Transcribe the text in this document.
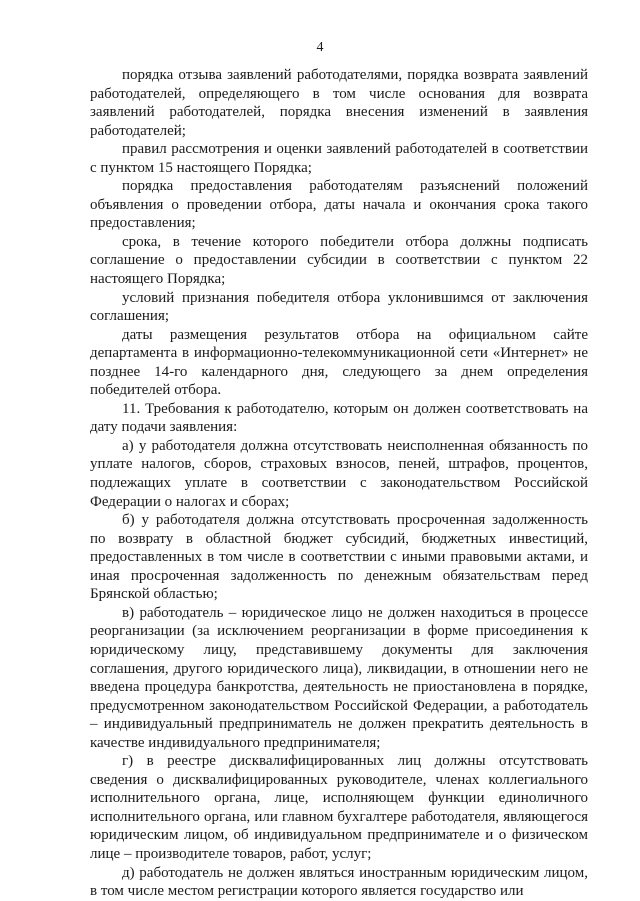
4

порядка отзыва заявлений работодателями, порядка возврата заявлений работодателей, определяющего в том числе основания для возврата заявлений работодателей, порядка внесения изменений в заявления работодателей;

правил рассмотрения и оценки заявлений работодателей в соответствии с пунктом 15 настоящего Порядка;

порядка предоставления работодателям разъяснений положений объявления о проведении отбора, даты начала и окончания срока такого предоставления;

срока, в течение которого победители отбора должны подписать соглашение о предоставлении субсидии в соответствии с пунктом 22 настоящего Порядка;

условий признания победителя отбора уклонившимся от заключения соглашения;

даты размещения результатов отбора на официальном сайте департамента в информационно-телекоммуникационной сети «Интернет» не позднее 14-го календарного дня, следующего за днем определения победителей отбора.

11. Требования к работодателю, которым он должен соответствовать на дату подачи заявления:

а) у работодателя должна отсутствовать неисполненная обязанность по уплате налогов, сборов, страховых взносов, пеней, штрафов, процентов, подлежащих уплате в соответствии с законодательством Российской Федерации о налогах и сборах;

б) у работодателя должна отсутствовать просроченная задолженность по возврату в областной бюджет субсидий, бюджетных инвестиций, предоставленных в том числе в соответствии с иными правовыми актами, и иная просроченная задолженность по денежным обязательствам перед Брянской областью;

в) работодатель – юридическое лицо не должен находиться в процессе реорганизации (за исключением реорганизации в форме присоединения к юридическому лицу, представившему документы для заключения соглашения, другого юридического лица), ликвидации, в отношении него не введена процедура банкротства, деятельность не приостановлена в порядке, предусмотренном законодательством Российской Федерации, а работодатель – индивидуальный предприниматель не должен прекратить деятельность в качестве индивидуального предпринимателя;

г) в реестре дисквалифицированных лиц должны отсутствовать сведения о дисквалифицированных руководителе, членах коллегиального исполнительного органа, лице, исполняющем функции единоличного исполнительного органа, или главном бухгалтере работодателя, являющегося юридическим лицом, об индивидуальном предпринимателе и о физическом лице – производителе товаров, работ, услуг;

д) работодатель не должен являться иностранным юридическим лицом, в том числе местом регистрации которого является государство или
